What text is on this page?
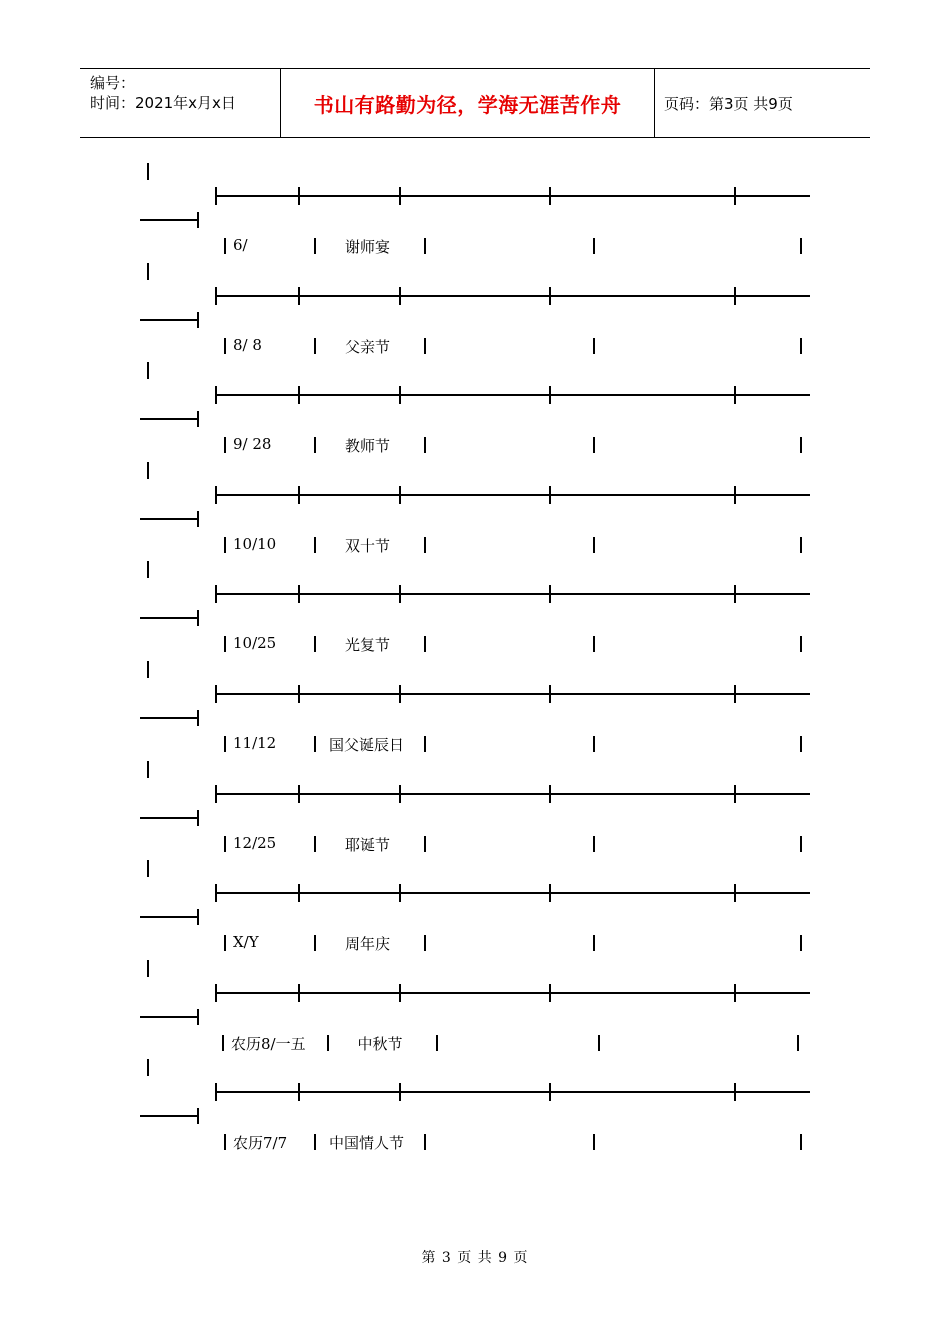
编号：
时间：2021年x月x日	书山有路勤为径，学海无涯苦作舟	页码：第3页 共9页
6/	谢师宴
8/ 8	父亲节
9/ 28	教师节
10/10	双十节
10/25	光复节
11/12	国父诞辰日
12/25	耶诞节
X/Y	周年庆
农历8/一五	中秋节
农历7/7	中国情人节
第 3 页 共 9 页
